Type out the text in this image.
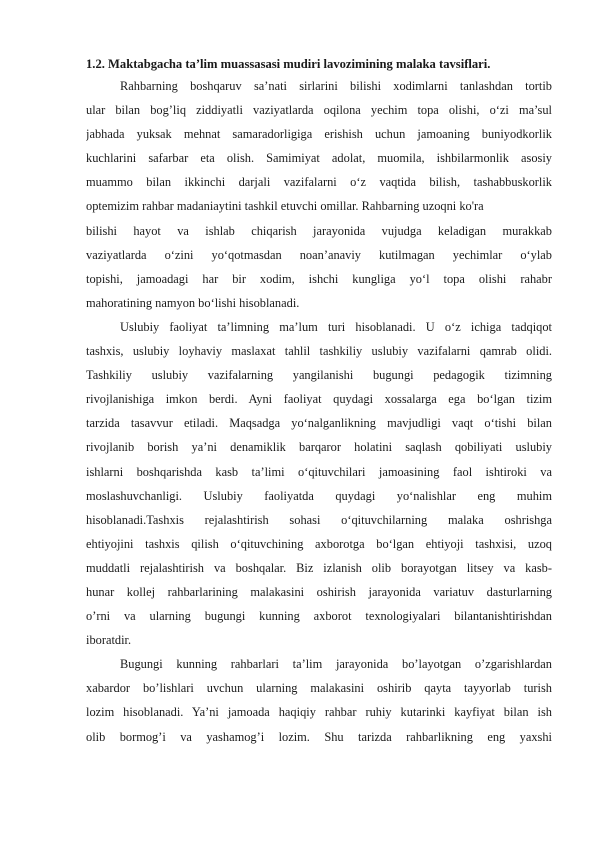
1.2. Maktabgacha ta’lim muassasasi mudiri lavozimining malaka tavsiflari.
Rahbarning boshqaruv sa’nati sirlarini bilishi xodimlarni tanlashdan tortib
ular bilan bog’liq ziddiyatli vaziyatlarda oqilona yechim topa olishi, o‘zi ma’sul
jabhada yuksak mehnat samaradorligiga erishish uchun jamoaning buniyodkorlik
kuchlarini safarbar eta olish. Samimiyat adolat, muomila, ishbilarmonlik asosiy
muammo bilan ikkinchi darjali vazifalarni o‘z vaqtida bilish, tashabbuskorlik
optemizim rahbar madaniaytini tashkil etuvchi omillar. Rahbarning uzoqni ko'ra
bilishi hayot va ishlab chiqarish jarayonida vujudga keladigan murakkab
vaziyatlarda o‘zini yo‘qotmasdan noan’anaviy kutilmagan yechimlar o‘ylab
topishi, jamoadagi har bir xodim, ishchi kungliga yo‘l topa olishi rahabr
mahoratining namyon bo‘lishi hisoblanadi.
Uslubiy faoliyat ta’limning ma’lum turi hisoblanadi. U o‘z ichiga tadqiqot
tashxis, uslubiy loyhaviy maslaxat tahlil tashkiliy uslubiy vazifalarni qamrab olidi.
Tashkiliy uslubiy vazifalarning yangilanishi bugungi pedagogik tizimning
rivojlanishiga imkon berdi. Ayni faoliyat quydagi xossalarga ega bo‘lgan tizim
tarzida tasavvur etiladi. Maqsadga yo‘nalganlikning mavjudligi vaqt o‘tishi bilan
rivojlanib borish ya’ni denamiklik barqaror holatini saqlash qobiliyati uslubiy
ishlarni boshqarishda kasb ta’limi o‘qituvchilari jamoasining faol ishtiroki va
moslashuvchanligi. Uslubiy faoliyatda quydagi yo‘nalishlar eng muhim
hisoblanadi.Tashxis rejalashtirish sohasi o‘qituvchilarning malaka oshrishga
ehtiyojini tashxis qilish o‘qituvchining axborotga bo‘lgan ehtiyoji tashxisi, uzoq
muddatli rejalashtirish va boshqalar. Biz izlanish olib borayotgan litsey va kasb-
hunar kollej rahbarlarining malakasini oshirish jarayonida variatuv dasturlarning
o’rni va ularning bugungi kunning axborot texnologiyalari bilantanishtirishdan
iboratdir.
Bugungi kunning rahbarlari ta’lim jarayonida bo’layotgan o’zgarishlardan
xabardor bo’lishlari uvchun ularning malakasini oshirib qayta tayyorlab turish
lozim hisoblanadi. Ya’ni jamoada haqiqiy rahbar ruhiy kutarinki kayfiyat bilan ish
olib bormog’i va yashamog’i lozim. Shu tarizda rahbarlikning eng yaxshi
